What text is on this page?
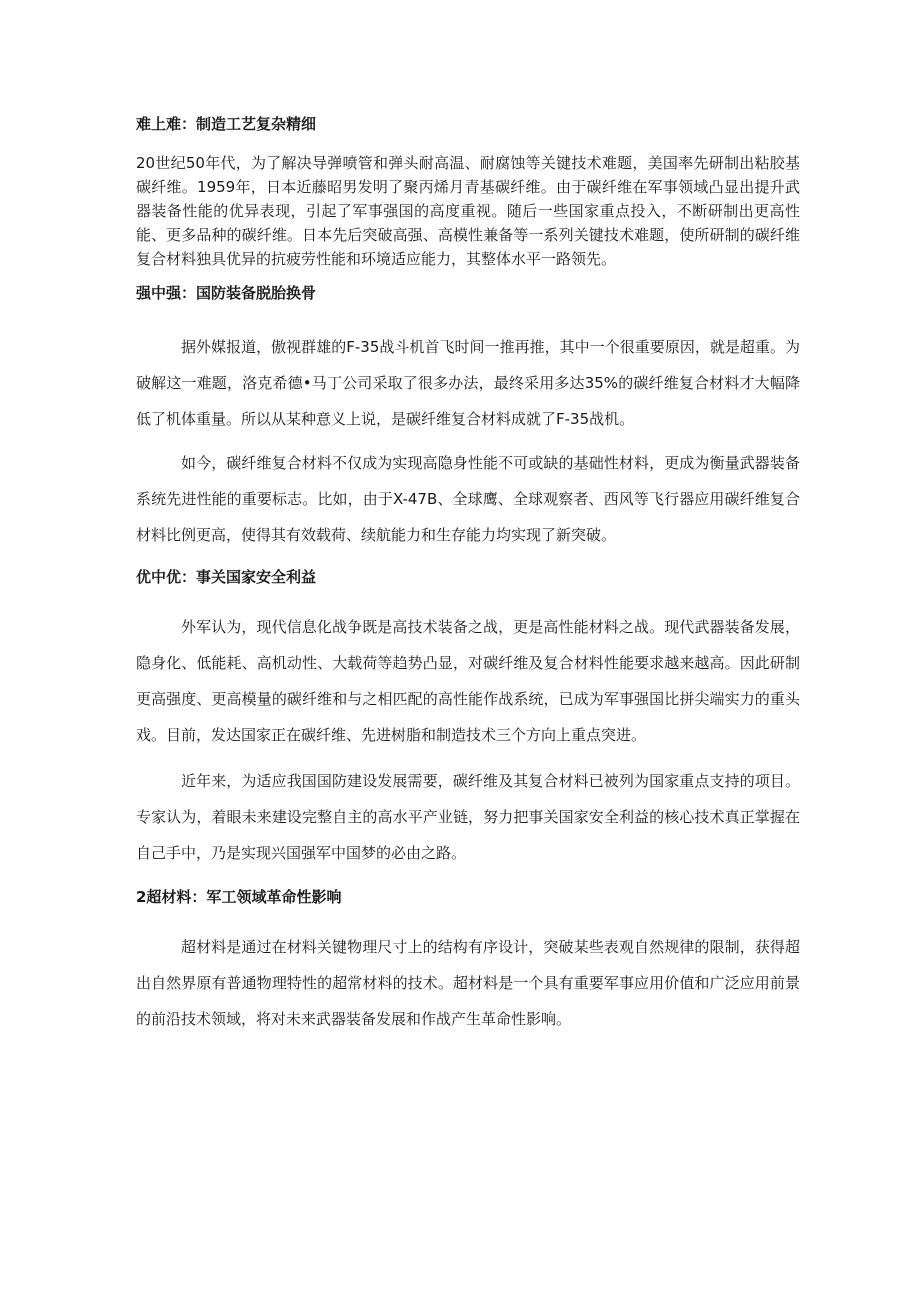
难上难：制造工艺复杂精细

20世纪50年代，为了解决导弹喷管和弹头耐高温、耐腐蚀等关键技术难题，美国率先研制出粘胶基碳纤维。1959年，日本近藤昭男发明了聚丙烯月青基碳纤维。由于碳纤维在军事领域凸显出提升武器装备性能的优异表现，引起了军事强国的高度重视。随后一些国家重点投入，不断研制出更高性能、更多品种的碳纤维。日本先后突破高强、高模性兼备等一系列关键技术难题，使所研制的碳纤维复合材料独具优异的抗疲劳性能和环境适应能力，其整体水平一路领先。

强中强：国防装备脱胎换骨

据外媒报道，傲视群雄的F-35战斗机首飞时间一推再推，其中一个很重要原因，就是超重。为破解这一难题，洛克希德•马丁公司采取了很多办法，最终采用多达35%的碳纤维复合材料才大幅降低了机体重量。所以从某种意义上说，是碳纤维复合材料成就了F-35战机。

如今，碳纤维复合材料不仅成为实现高隐身性能不可或缺的基础性材料，更成为衡量武器装备系统先进性能的重要标志。比如，由于X-47B、全球鹰、全球观察者、西风等飞行器应用碳纤维复合材料比例更高，使得其有效载荷、续航能力和生存能力均实现了新突破。

优中优：事关国家安全利益

外军认为，现代信息化战争既是高技术装备之战，更是高性能材料之战。现代武器装备发展，隐身化、低能耗、高机动性、大载荷等趋势凸显，对碳纤维及复合材料性能要求越来越高。因此研制更高强度、更高模量的碳纤维和与之相匹配的高性能作战系统，已成为军事强国比拼尖端实力的重头戏。目前，发达国家正在碳纤维、先进树脂和制造技术三个方向上重点突进。

近年来，为适应我国国防建设发展需要，碳纤维及其复合材料已被列为国家重点支持的项目。专家认为，着眼未来建设完整自主的高水平产业链，努力把事关国家安全利益的核心技术真正掌握在自己手中，乃是实现兴国强军中国梦的必由之路。

2超材料：军工领域革命性影响

超材料是通过在材料关键物理尺寸上的结构有序设计，突破某些表观自然规律的限制，获得超出自然界原有普通物理特性的超常材料的技术。超材料是一个具有重要军事应用价值和广泛应用前景的前沿技术领域，将对未来武器装备发展和作战产生革命性影响。
